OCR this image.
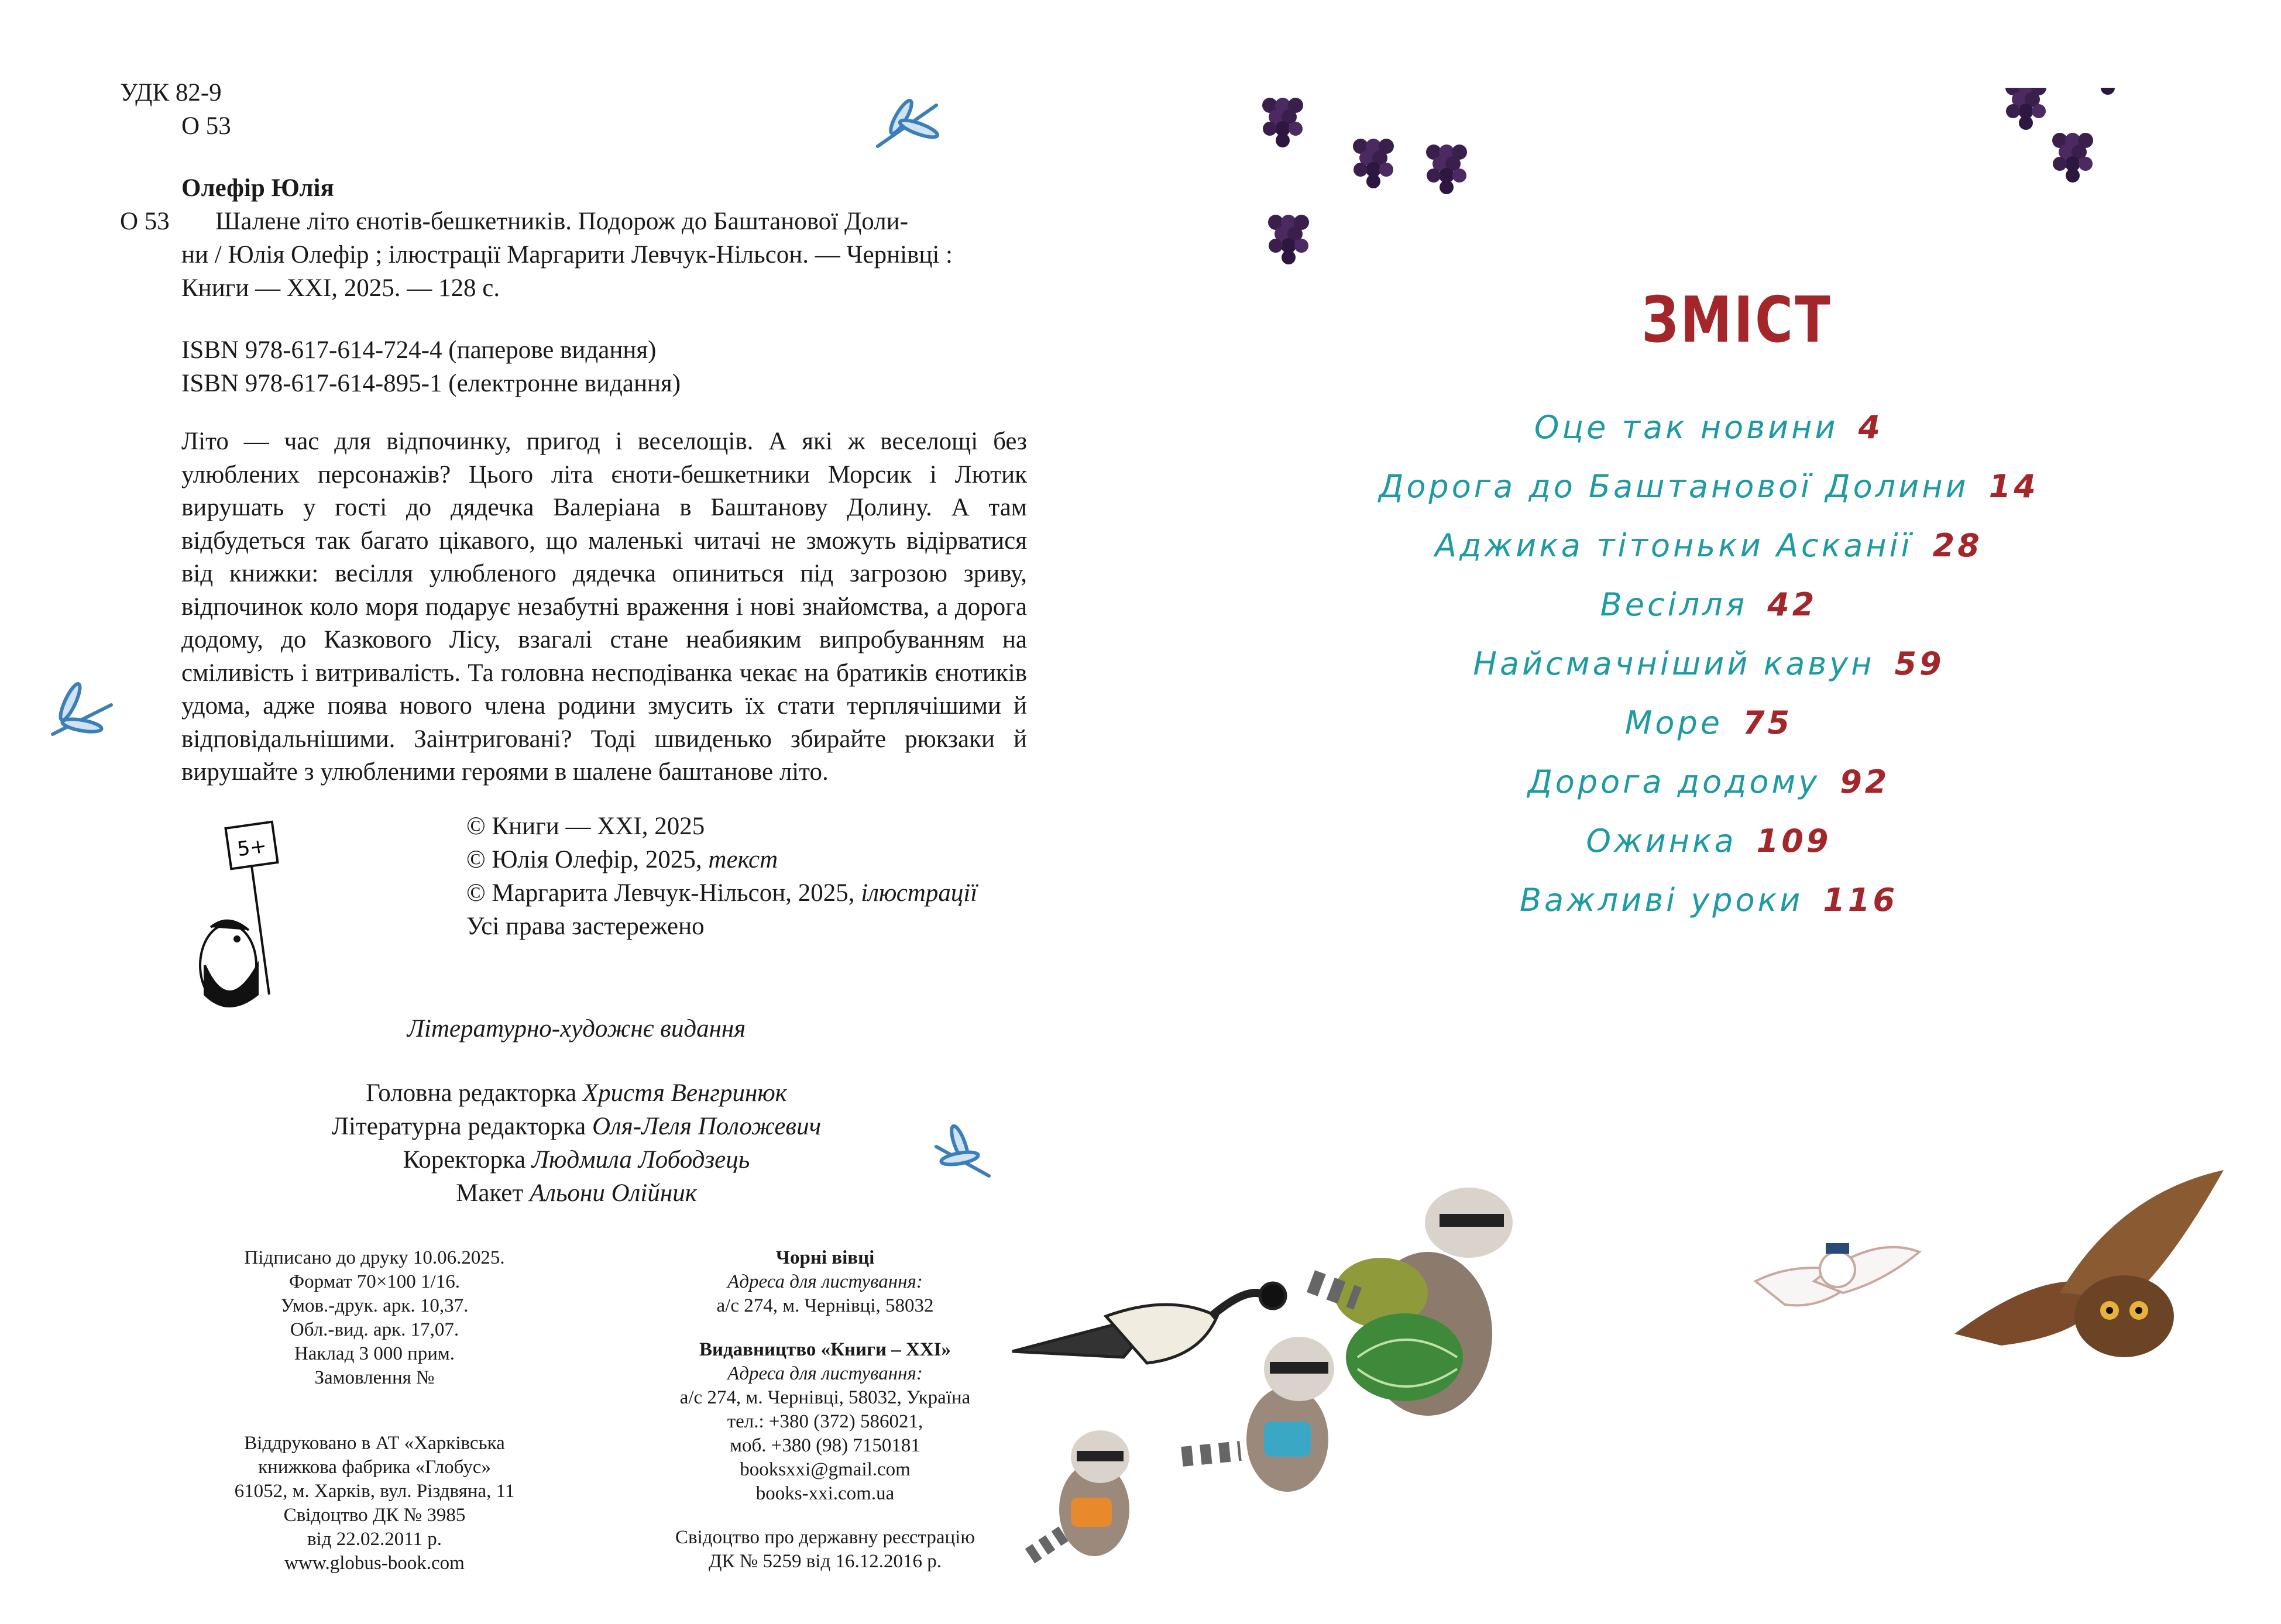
УДК 82-9
О 53
Олефір Юлія
О 53	Шалене літо єнотів-бешкетників. Подорож до Баштанової Доли-
ни / Юлія Олефір ; ілюстрації Маргарити Левчук-Нільсон. — Чернівці :
Книги — XXI, 2025. — 128 с.
ISBN 978-617-614-724-4 (паперове видання)
ISBN 978-617-614-895-1 (електронне видання)

Літо — час для відпочинку, пригод і веселощів. А які ж веселощі без улюблених персонажів? Цього літа єноти-бешкетники Морсик і Лютик вирушать у гості до дядечка Валеріана в Баштанову Долину. А там відбудеться так багато цікавого, що маленькі читачі не зможуть відірватися від книжки: весілля улюбленого дядечка опиниться під загрозою зриву, відпочинок коло моря подарує незабутні враження і нові знайомства, а дорога додому, до Казкового Лісу, взагалі стане неабияким випробуванням на сміливість і витривалість. Та головна несподіванка чекає на братиків єнотиків удома, адже поява нового члена родини змусить їх стати терплячішими й відповідальнішими. Заінтриговані? Тоді швиденько збирайте рюкзаки й вирушайте з улюбленими героями в шалене баштанове літо.

© Книги — XXI, 2025
© Юлія Олефір, 2025, текст
© Маргарита Левчук-Нільсон, 2025, ілюстрації
Усі права застережено
Літературно-художнє видання
Головна редакторка Христя Венгринюк
Літературна редакторка Оля-Леля Положевич
Коректорка Людмила Лободзець
Макет Альони Олійник
Підписано до друку 10.06.2025.
Формат 70×100 1/16.
Умов.-друк. арк. 10,37.
Обл.-вид. арк. 17,07.
Наклад 3 000 прим.
Замовлення №
Віддруковано в АТ «Харківська
книжкова фабрика «Глобус»
61052, м. Харків, вул. Різдвяна, 11
Свідоцтво ДК № 3985
від 22.02.2011 р.
www.globus-book.com
Чорні вівці
Адреса для листування:
а/с 274, м. Чернівці, 58032
Видавництво «Книги – XXI»
Адреса для листування:
а/с 274, м. Чернівці, 58032, Україна
тел.: +380 (372) 586021,
моб. +380 (98) 7150181
booksxxi@gmail.com
books-xxi.com.ua
Свідоцтво про державну реєстрацію
ДК № 5259 від 16.12.2016 р.
5+
ЗМІСТ
Оце так новини 4
Дорога до Баштанової Долини 14
Аджика тітоньки Асканії 28
Весілля 42
Найсмачніший кавун 59
Море 75
Дорога додому 92
Ожинка 109
Важливі уроки 116
